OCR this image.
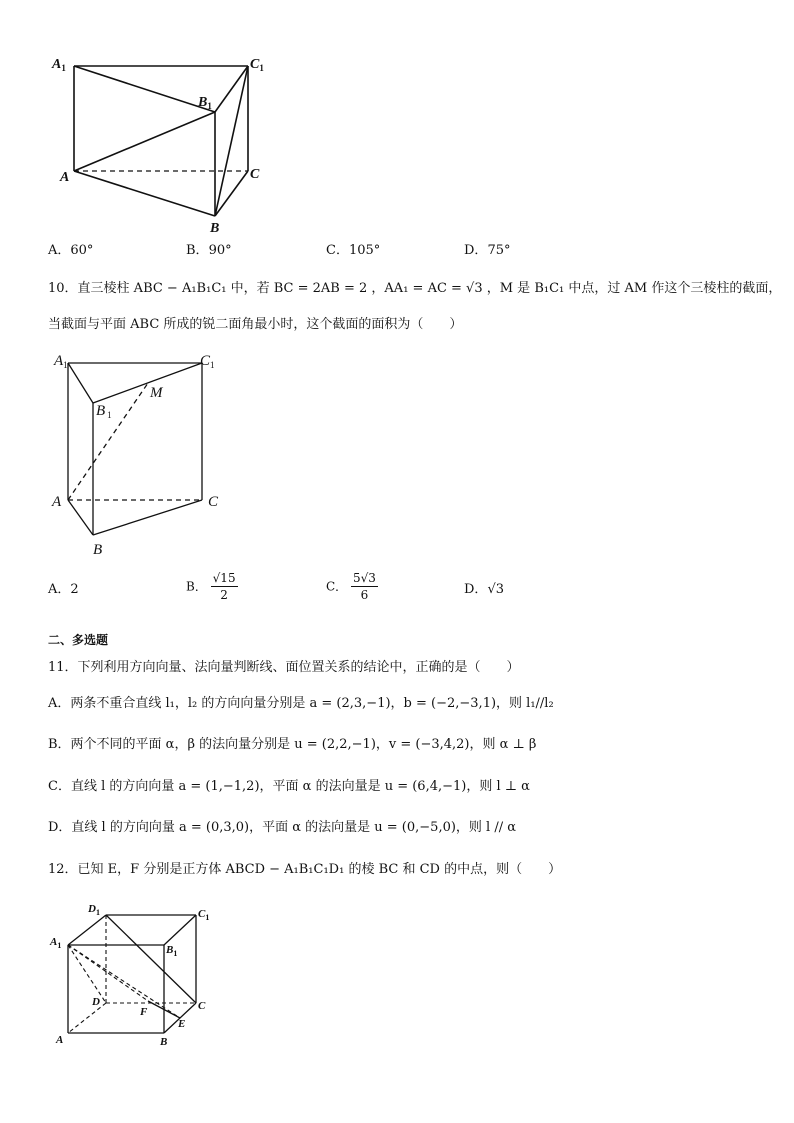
$A_1$	$C_1$
$B_1$
A	C
B
A．60°	B．90°	C．105°	D．75°
10．直三棱柱 ABC − A₁B₁C₁ 中，若 BC = 2AB = 2 ，AA₁ = AC = √3 ，M 是 B₁C₁ 中点，过 AM 作这个三棱柱的截面，
当截面与平面 ABC 所成的锐二面角最小时，这个截面的面积为（　　）
$A_1$	$C_1$
B $_1$
M
A	C
B
A．2	B． $\frac{√15}{2}$	C． $\frac{5√3}{6}$	D．√3
二、多选题
11．下列利用方向向量、法向量判断线、面位置关系的结论中，正确的是（　　）
A．两条不重合直线 l₁，l₂ 的方向向量分别是 a = (2,3,−1)，b = (−2,−3,1)，则 l₁//l₂
B．两个不同的平面 α，β 的法向量分别是 u = (2,2,−1)，v = (−3,4,2)，则 α ⊥ β
C．直线 l 的方向向量 a = (1,−1,2)，平面 α 的法向量是 u = (6,4,−1)，则 l ⊥ α
D．直线 l 的方向向量 a = (0,3,0)，平面 α 的法向量是 u = (0,−5,0)，则 l // α
12．已知 E，F 分别是正方体 ABCD − A₁B₁C₁D₁ 的棱 BC 和 CD 的中点，则（　　）
$D_1$	$C_1$
$A_1$	$B_1$
D
F	C
E
A	B
